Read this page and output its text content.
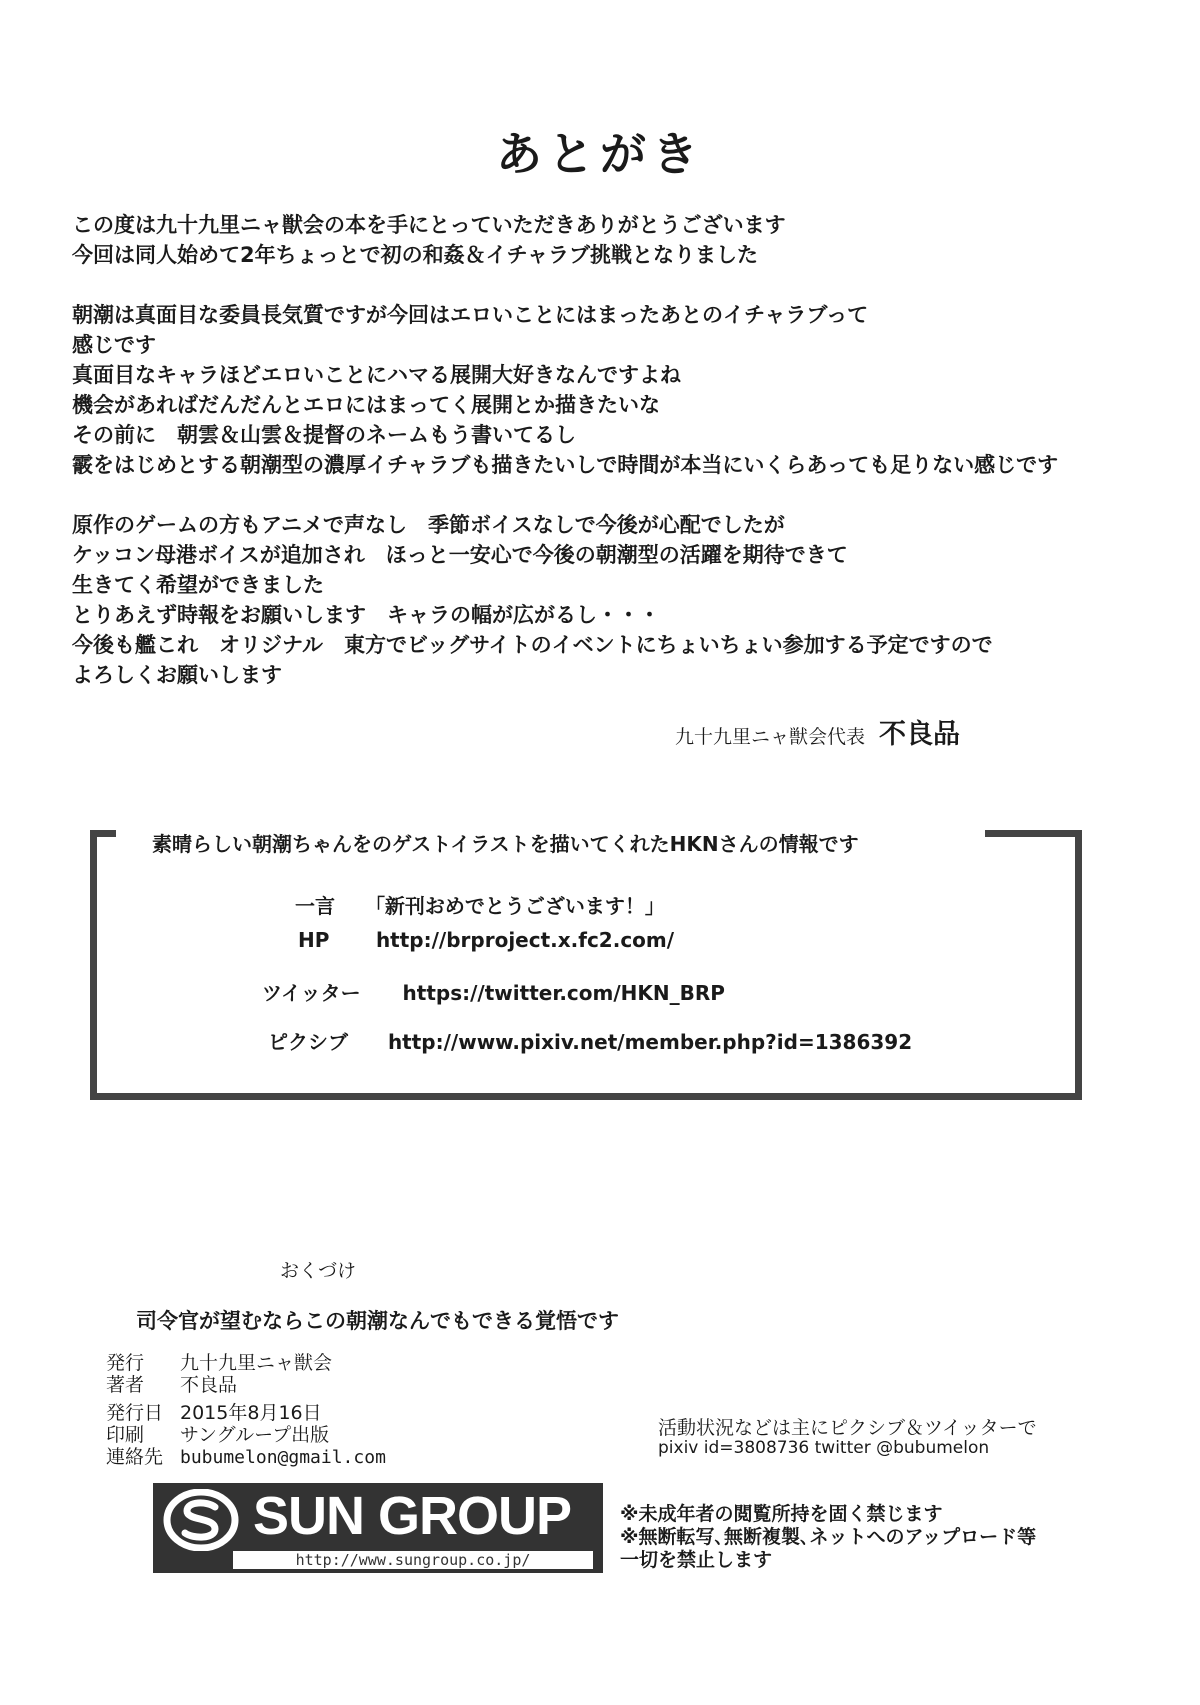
あとがき
この度は九十九里ニャ獣会の本を手にとっていただきありがとうございます
今回は同人始めて2年ちょっとで初の和姦＆イチャラブ挑戦となりました
朝潮は真面目な委員長気質ですが今回はエロいことにはまったあとのイチャラブって
感じです
真面目なキャラほどエロいことにハマる展開大好きなんですよね
機会があればだんだんとエロにはまってく展開とか描きたいな
その前に　朝雲＆山雲＆提督のネームもう書いてるし
霰をはじめとする朝潮型の濃厚イチャラブも描きたいしで時間が本当にいくらあっても足りない感じです
原作のゲームの方もアニメで声なし　季節ボイスなしで今後が心配でしたが
ケッコン母港ボイスが追加され　ほっと一安心で今後の朝潮型の活躍を期待できて
生きてく希望ができました
とりあえず時報をお願いします　キャラの幅が広がるし・・・
今後も艦これ　オリジナル　東方でビッグサイトのイベントにちょいちょい参加する予定ですので
よろしくお願いします
九十九里ニャ獣会代表 不良品
素晴らしい朝潮ちゃんをのゲストイラストを描いてくれたHKNさんの情報です
一言 「新刊おめでとうございます！」
HP http://brproject.x.fc2.com/
ツイッター https://twitter.com/HKN_BRP
ピクシブ http://www.pixiv.net/member.php?id=1386392
おくづけ
司令官が望むならこの朝潮なんでもできる覚悟です
発行 九十九里ニャ獣会
著者 不良品
発行日 2015年8月16日
印刷 サングループ出版
連絡先 bubumelon@gmail.com
活動状況などは主にピクシブ＆ツイッターで
pixiv id=3808736 twitter @bubumelon
SUN GROUP
http://www.sungroup.co.jp/
※未成年者の閲覧所持を固く禁じます
※無断転写､無断複製､ネットへのアップロード等
一切を禁止します
